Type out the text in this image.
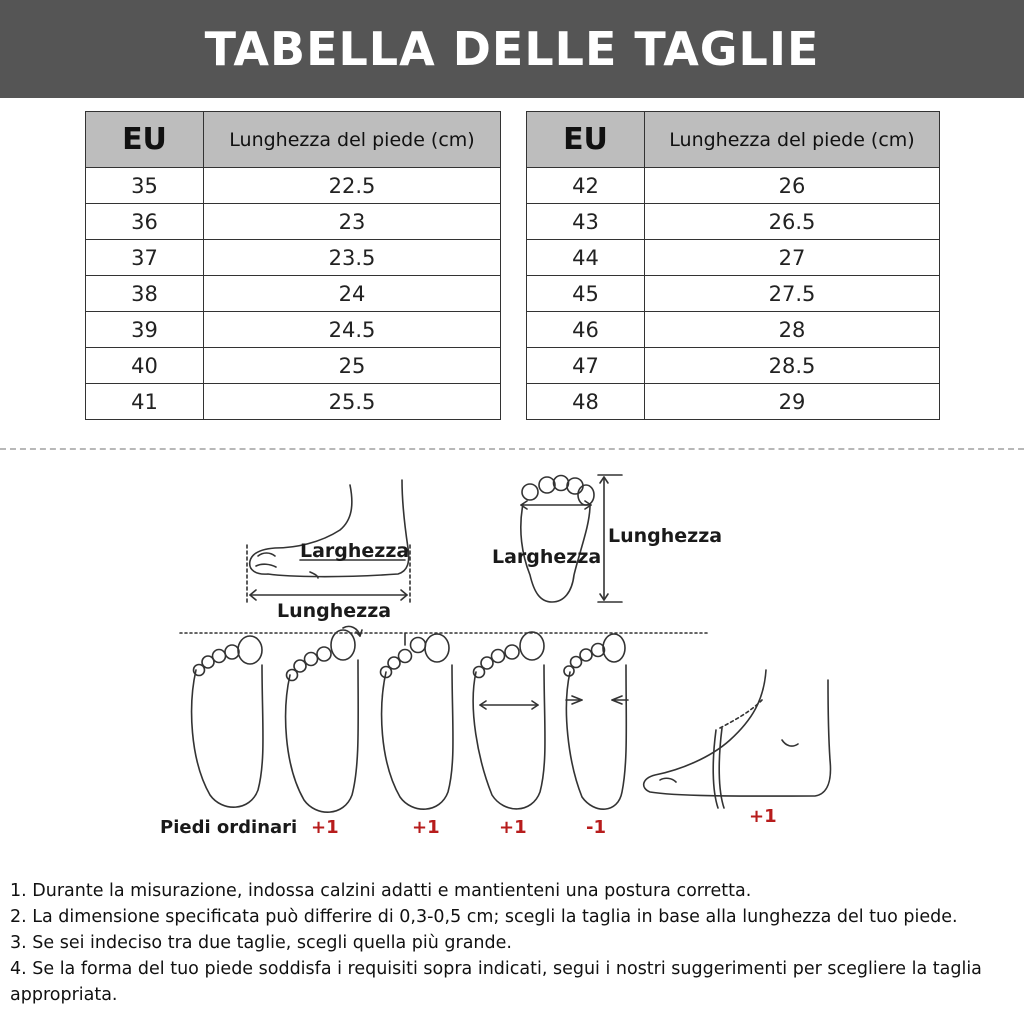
TABELLA DELLE TAGLIE
EU	Lunghezza del piede (cm)
35	22.5
36	23
37	23.5
38	24
39	24.5
40	25
41	25.5
EU	Lunghezza del piede (cm)
42	26
43	26.5
44	27
45	27.5
46	28
47	28.5
48	29
Larghezza
Lunghezza
Larghezza
Lunghezza
Piedi ordinari +1	+1	+1	-1
+1

1. Durante la misurazione, indossa calzini adatti e mantienteni una postura corretta.

2. La dimensione specificata può differire di 0,3-0,5 cm; scegli la taglia in base alla lunghezza del tuo piede.

3. Se sei indeciso tra due taglie, scegli quella più grande.

4. Se la forma del tuo piede soddisfa i requisiti sopra indicati, segui i nostri suggerimenti per scegliere la taglia appropriata.
